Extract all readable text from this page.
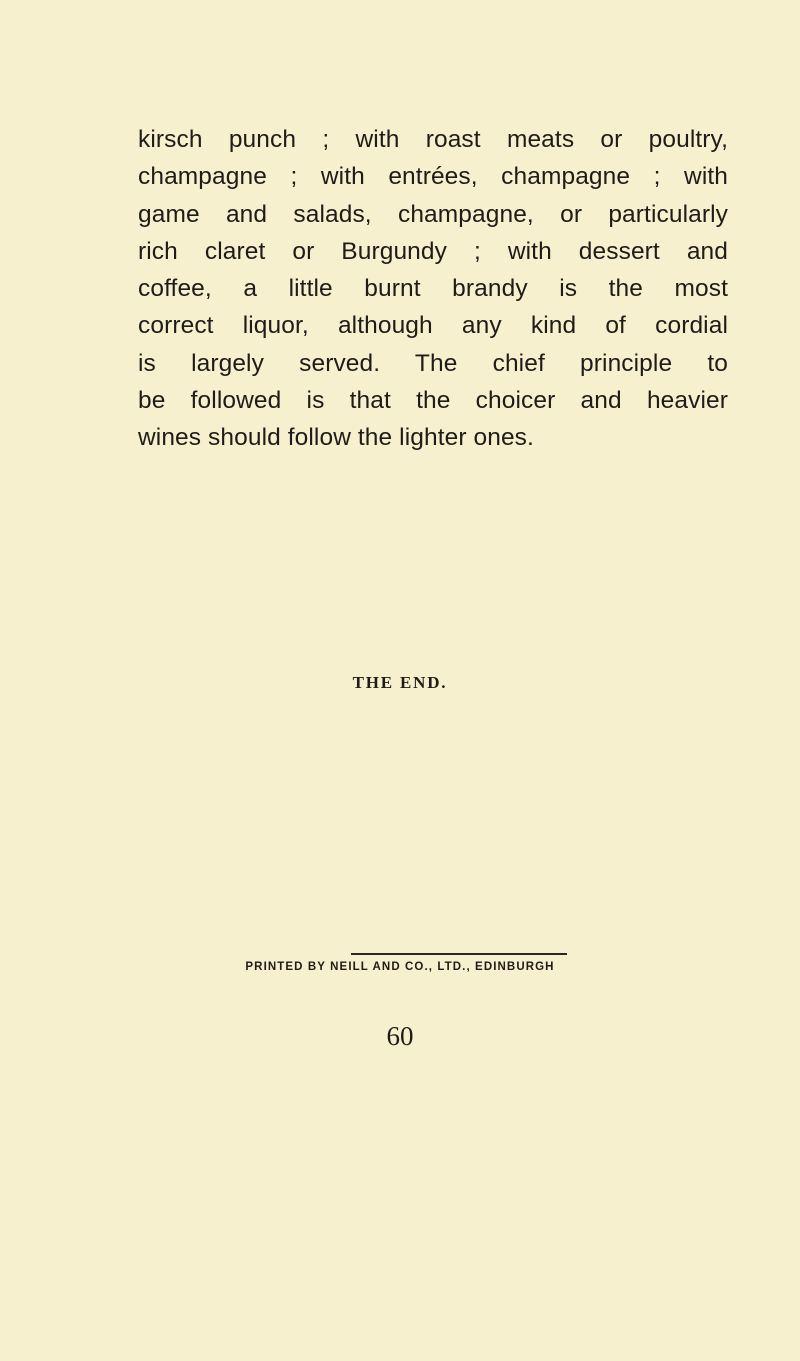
kirsch punch ; with roast meats or poultry,
champagne ; with entrées, champagne ; with
game and salads, champagne, or particularly
rich claret or Burgundy ; with dessert and
coffee, a little burnt brandy is the most
correct liquor, although any kind of cordial
is largely served. The chief principle to
be followed is that the choicer and heavier
wines should follow the lighter ones.

THE END.

PRINTED BY NEILL AND CO., LTD., EDINBURGH

60
